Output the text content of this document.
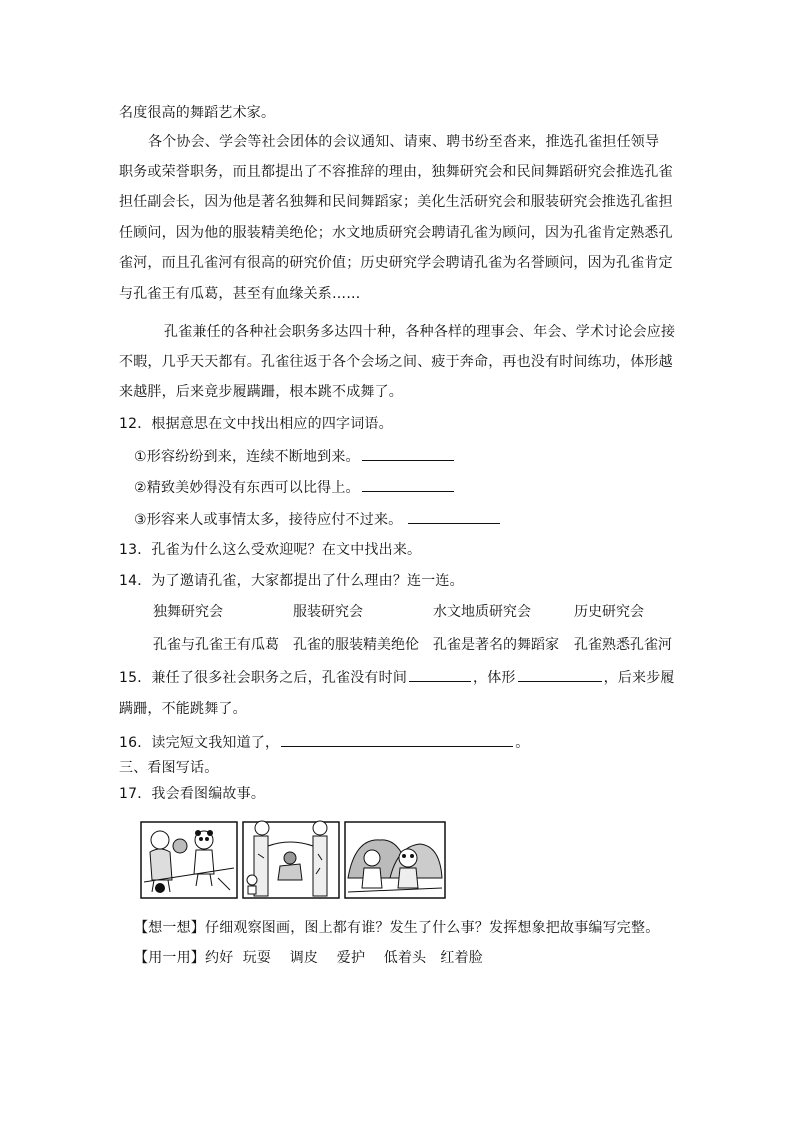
名度很高的舞蹈艺术家。
各个协会、学会等社会团体的会议通知、请柬、聘书纷至沓来，推选孔雀担任领导
职务或荣誉职务，而且都提出了不容推辞的理由，独舞研究会和民间舞蹈研究会推选孔雀
担任副会长，因为他是著名独舞和民间舞蹈家；美化生活研究会和服装研究会推选孔雀担
任顾问，因为他的服装精美绝伦；水文地质研究会聘请孔雀为顾问，因为孔雀肯定熟悉孔
雀河，而且孔雀河有很高的研究价值；历史研究学会聘请孔雀为名誉顾问，因为孔雀肯定
与孔雀王有瓜葛，甚至有血缘关系……
孔雀兼任的各种社会职务多达四十种，各种各样的理事会、年会、学术讨论会应接
不暇，几乎天天都有。孔雀往返于各个会场之间、疲于奔命，再也没有时间练功，体形越
来越胖，后来竟步履蹒跚，根本跳不成舞了。
12．根据意思在文中找出相应的四字词语。
①形容纷纷到来，连续不断地到来。
②精致美妙得没有东西可以比得上。
③形容来人或事情太多，接待应付不过来。
13．孔雀为什么这么受欢迎呢？在文中找出来。
14．为了邀请孔雀，大家都提出了什么理由？连一连。
独舞研究会	服装研究会	水文地质研究会	历史研究会
孔雀与孔雀王有瓜葛 孔雀的服装精美绝伦 孔雀是著名的舞蹈家 孔雀熟悉孔雀河
15．兼任了很多社会职务之后，孔雀没有时间	，体形	，后来步履
蹒跚，不能跳舞了。
16．读完短文我知道了，	。
三、看图写话。
17．我会看图编故事。
【想一想】仔细观察图画，图上都有谁？发生了什么事？发挥想象把故事编写完整。
【用一用】约好 玩耍 调皮 爱护 低着头 红着脸
